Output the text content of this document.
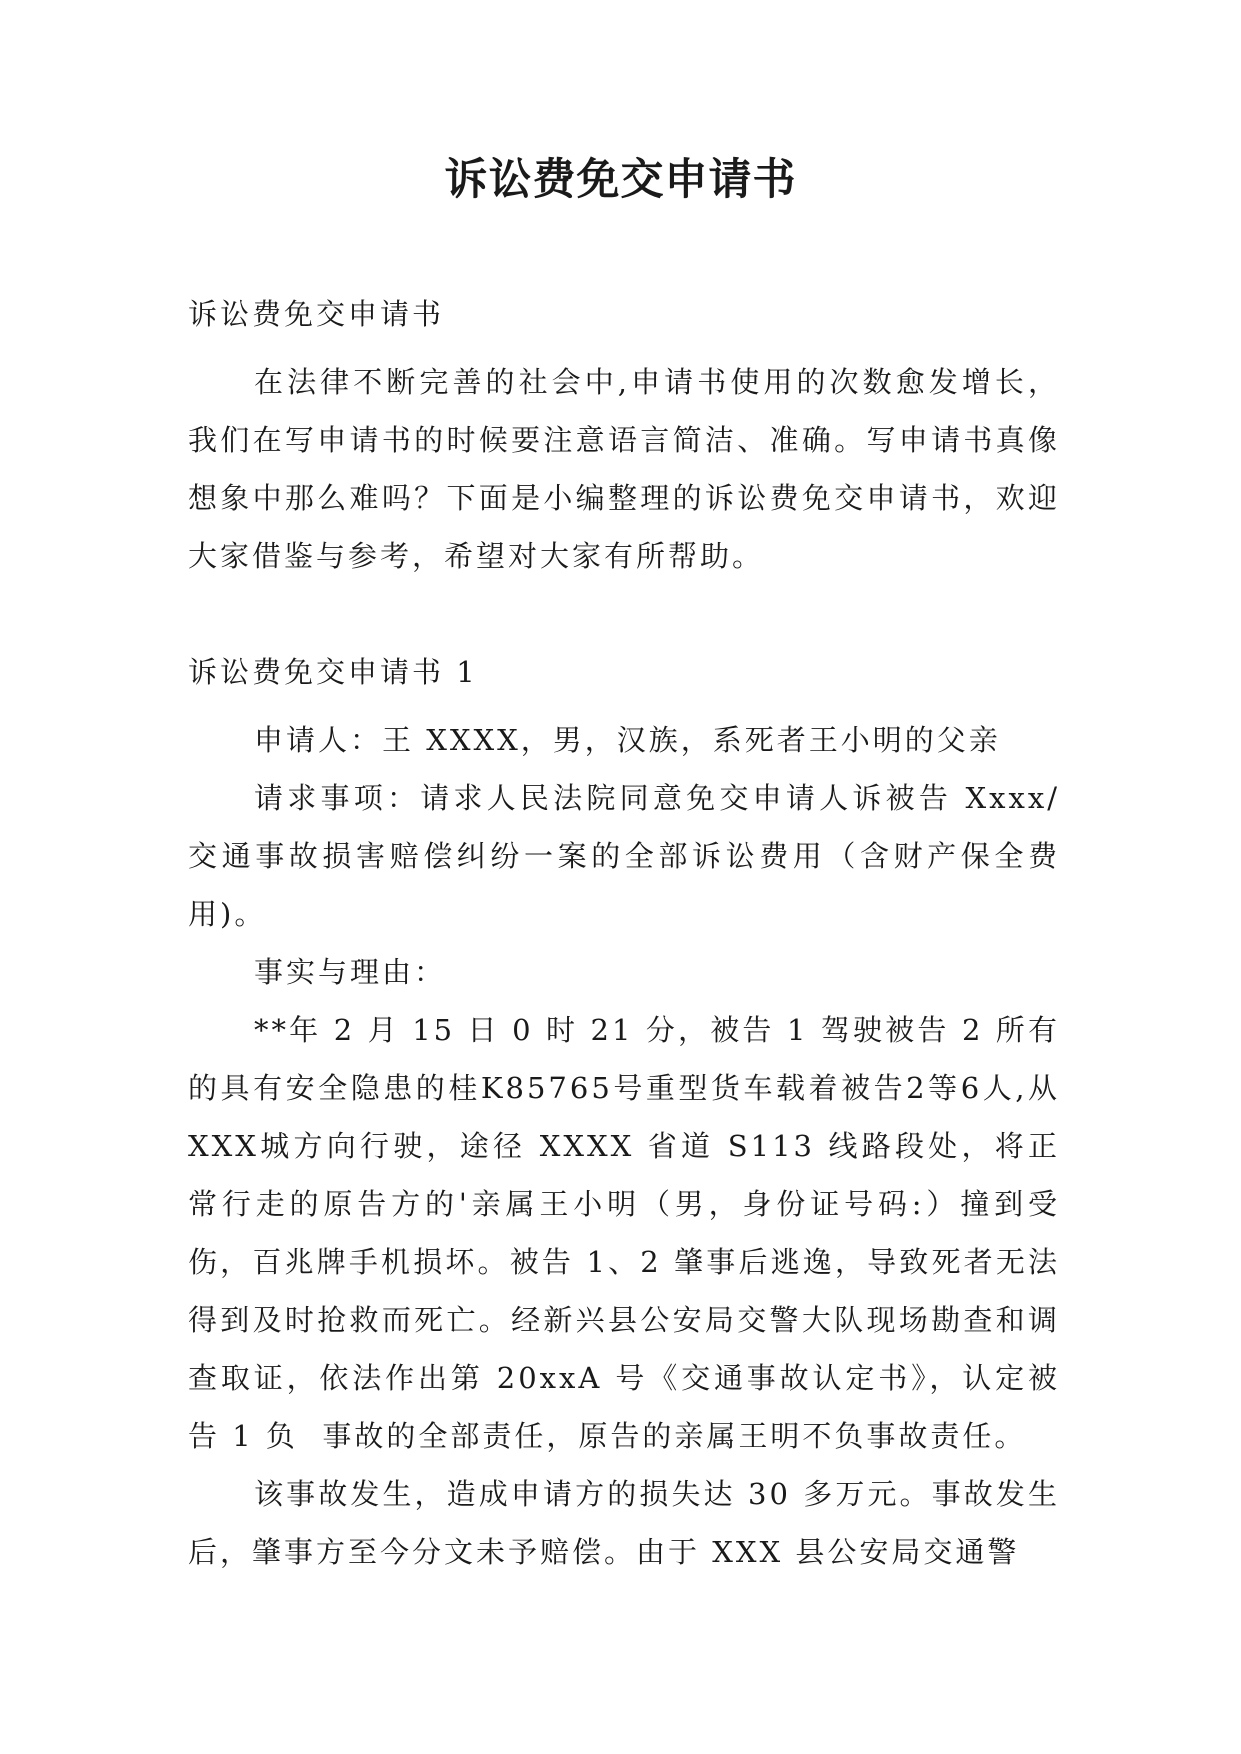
诉讼费免交申请书

诉讼费免交申请书

在法律不断完善的社会中,申请书使用的次数愈发增长，我们在写申请书的时候要注意语言简洁、准确。写申请书真像想象中那么难吗？下面是小编整理的诉讼费免交申请书，欢迎大家借鉴与参考，希望对大家有所帮助。

诉讼费免交申请书 1

申请人：王 XXXX，男，汉族，系死者王小明的父亲

请求事项：请求人民法院同意免交申请人诉被告 Xxxx/交通事故损害赔偿纠纷一案的全部诉讼费用（含财产保全费用)。

事实与理由：

**年 2 月 15 日 0 时 21 分，被告 1 驾驶被告 2 所有的具有安全隐患的桂K85765号重型货车载着被告2等6人,从XXX城方向行驶，途径 XXXX 省道 S113 线路段处，将正常行走的原告方的'亲属王小明（男，身份证号码:）撞到受伤，百兆牌手机损坏。被告 1、2 肇事后逃逸，导致死者无法得到及时抢救而死亡。经新兴县公安局交警大队现场勘查和调查取证，依法作出第 20xxA 号《交通事故认定书》，认定被告 1 负  事故的全部责任，原告的亲属王明不负事故责任。

该事故发生，造成申请方的损失达 30 多万元。事故发生后，肇事方至今分文未予赔偿。由于 XXX 县公安局交通警
